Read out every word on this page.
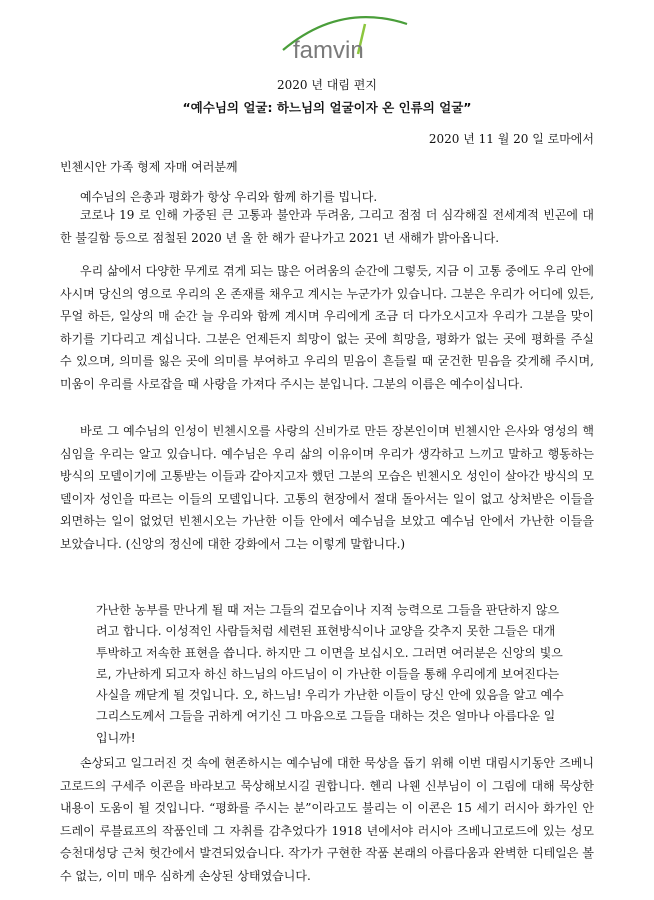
famvin
2020 년 대림 편지
“예수님의 얼굴: 하느님의 얼굴이자 온 인류의 얼굴”
2020 년 11 월 20 일 로마에서
빈첸시안 가족 형제 자매 여러분께

예수님의 은총과 평화가 항상 우리와 함께 하기를 빕니다.

코로나 19 로 인해 가중된 큰 고통과 불안과 두려움, 그리고 점점 더 심각해질 전세계적 빈곤에 대한 불길함 등으로 점철된 2020 년 올 한 해가 끝나가고 2021 년 새해가 밝아옵니다.

우리 삶에서 다양한 무게로 겪게 되는 많은 어려움의 순간에 그렇듯, 지금 이 고통 중에도 우리 안에 사시며 당신의 영으로 우리의 온 존재를 채우고 계시는 누군가가 있습니다. 그분은 우리가 어디에 있든, 무얼 하든, 일상의 매 순간 늘 우리와 함께 계시며 우리에게 조금 더 다가오시고자 우리가 그분을 맞이하기를 기다리고 계십니다. 그분은 언제든지 희망이 없는 곳에 희망을, 평화가 없는 곳에 평화를 주실 수 있으며, 의미를 잃은 곳에 의미를 부여하고 우리의 믿음이 흔들릴 때 굳건한 믿음을 갖게해 주시며, 미움이 우리를 사로잡을 때 사랑을 가져다 주시는 분입니다. 그분의 이름은 예수이십니다.

바로 그 예수님의 인성이 빈첸시오를 사랑의 신비가로 만든 장본인이며 빈첸시안 은사와 영성의 핵심임을 우리는 알고 있습니다. 예수님은 우리 삶의 이유이며 우리가 생각하고 느끼고 말하고 행동하는 방식의 모델이기에 고통받는 이들과 같아지고자 했던 그분의 모습은 빈첸시오 성인이 살아간 방식의 모델이자 성인을 따르는 이들의 모델입니다. 고통의 현장에서 절대 돌아서는 일이 없고 상처받은 이들을 외면하는 일이 없었던 빈첸시오는 가난한 이들 안에서 예수님을 보았고 예수님 안에서 가난한 이들을 보았습니다. (신앙의 정신에 대한 강화에서 그는 이렇게 말합니다.)

가난한 농부를 만나게 될 때 저는 그들의 겉모습이나 지적 능력으로 그들을 판단하지 않으려고 합니다. 이성적인 사람들처럼 세련된 표현방식이나 교양을 갖추지 못한 그들은 대개 투박하고 저속한 표현을 씁니다. 하지만 그 이면을 보십시오. 그러면 여러분은 신앙의 빛으로, 가난하게 되고자 하신 하느님의 아드님이 이 가난한 이들을 통해 우리에게 보여진다는 사실을 깨닫게 될 것입니다. 오, 하느님! 우리가 가난한 이들이 당신 안에 있음을 알고 예수 그리스도께서 그들을 귀하게 여기신 그 마음으로 그들을 대하는 것은 얼마나 아름다운 일입니까!

손상되고 일그러진 것 속에 현존하시는 예수님에 대한 묵상을 돕기 위해 이번 대림시기동안 즈베니고로드의 구세주 이콘을 바라보고 묵상해보시길 권합니다. 헨리 나웬 신부님이 이 그림에 대해 묵상한 내용이 도움이 될 것입니다. “평화를 주시는 분”이라고도 불리는 이 이콘은 15 세기 러시아 화가인 안드레이 루블료프의 작품인데 그 자취를 감추었다가 1918 년에서야 러시아 즈베니고로드에 있는 성모승천대성당 근처 헛간에서 발견되었습니다. 작가가 구현한 작품 본래의 아름다움과 완벽한 디테일은 볼 수 없는, 이미 매우 심하게 손상된 상태였습니다.
